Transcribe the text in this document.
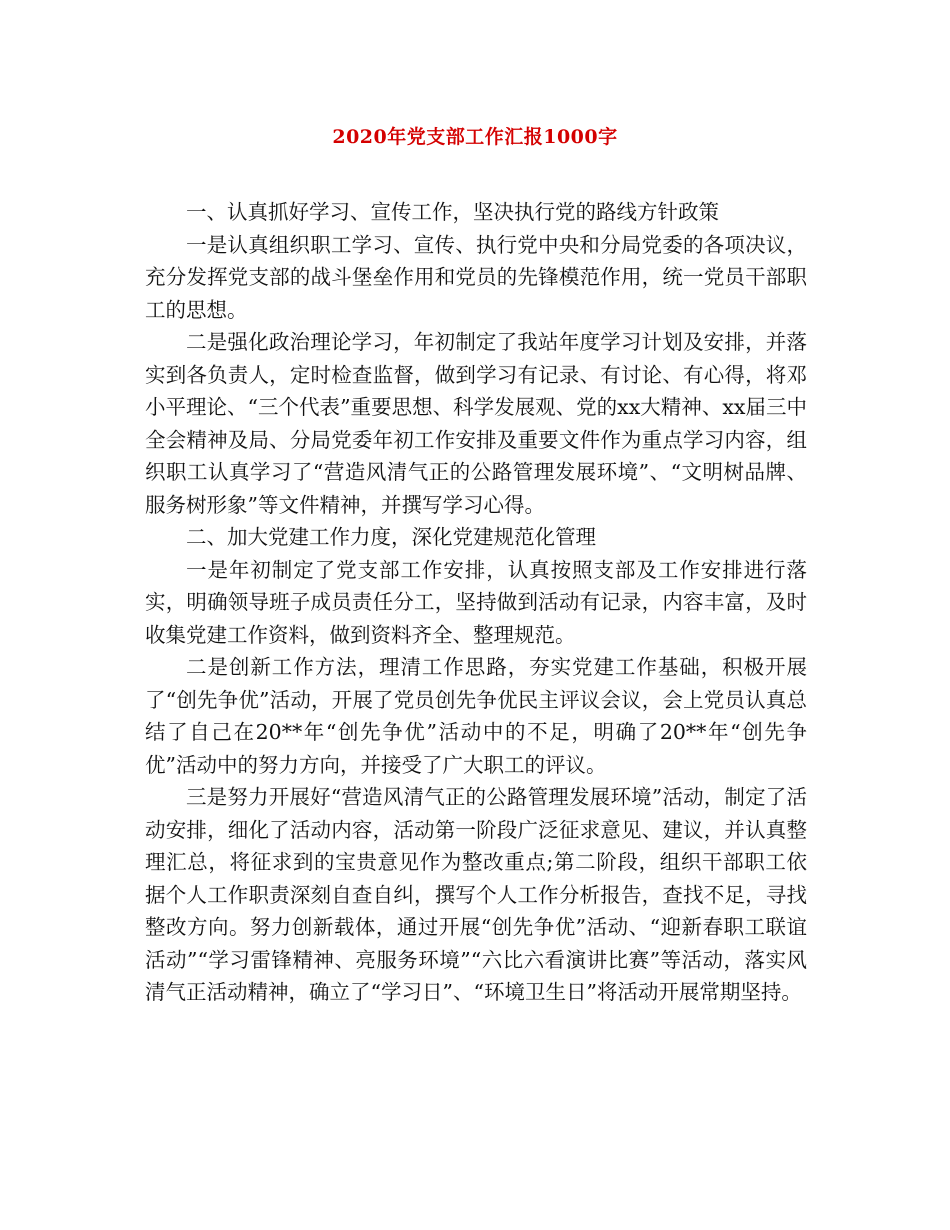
2020年党支部工作汇报1000字

一、认真抓好学习、宣传工作，坚决执行党的路线方针政策

一是认真组织职工学习、宣传、执行党中央和分局党委的各项决议，充分发挥党支部的战斗堡垒作用和党员的先锋模范作用，统一党员干部职工的思想。

二是强化政治理论学习，年初制定了我站年度学习计划及安排，并落实到各负责人，定时检查监督，做到学习有记录、有讨论、有心得，将邓小平理论、“三个代表”重要思想、科学发展观、党的xx大精神、xx届三中全会精神及局、分局党委年初工作安排及重要文件作为重点学习内容，组织职工认真学习了“营造风清气正的公路管理发展环境”、“文明树品牌、服务树形象”等文件精神，并撰写学习心得。

二、加大党建工作力度，深化党建规范化管理

一是年初制定了党支部工作安排，认真按照支部及工作安排进行落实，明确领导班子成员责任分工，坚持做到活动有记录，内容丰富，及时收集党建工作资料，做到资料齐全、整理规范。

二是创新工作方法，理清工作思路，夯实党建工作基础，积极开展了“创先争优”活动，开展了党员创先争优民主评议会议，会上党员认真总结了自己在20**年“创先争优”活动中的不足，明确了20**年“创先争优”活动中的努力方向，并接受了广大职工的评议。

三是努力开展好“营造风清气正的公路管理发展环境”活动，制定了活动安排，细化了活动内容，活动第一阶段广泛征求意见、建议，并认真整理汇总，将征求到的宝贵意见作为整改重点;第二阶段，组织干部职工依据个人工作职责深刻自查自纠，撰写个人工作分析报告，查找不足，寻找整改方向。努力创新载体，通过开展“创先争优”活动、“迎新春职工联谊活动”“学习雷锋精神、亮服务环境”“六比六看演讲比赛”等活动，落实风清气正活动精神，确立了“学习日”、“环境卫生日”将活动开展常期坚持。
